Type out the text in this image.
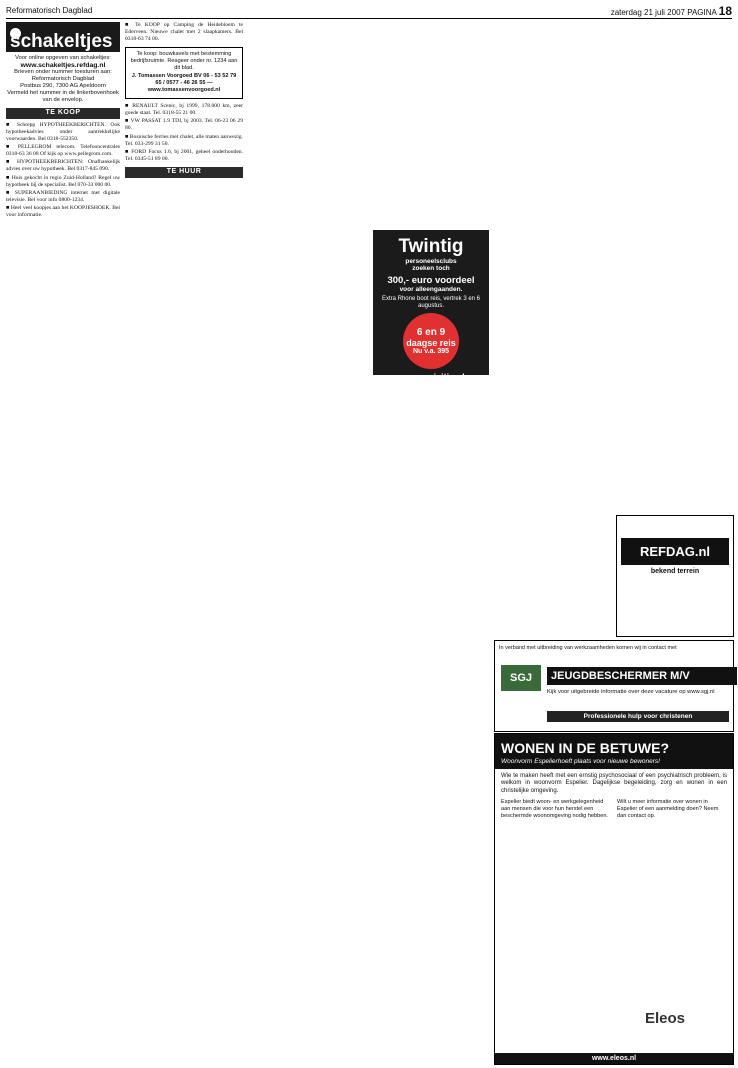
Reformatorisch Dagblad	zaterdag 21 juli 2007 PAGINA 18
schakeltjes
Voor online opgeven van schakeltjes:

www.schakeltjes.refdag.nl
Brieven onder nummer toesturen aan:
Reformatorisch Dagblad
Postbus 290, 7300 AG Apeldoorn
Vermeld het nummer in de linkerbovenhoek van de envelop.
TE KOOP

■ Schrepp HYPOTHEEKBERICHTEN. Ook hypotheekadvies onder aantrekkelijke voorwaarden. Bel 0318-552350.

■ PELLEGROM telecom. Telefooncentrales 0318-63 36 08 Of kijk op www.pellegrom.com.

■ HYPOTHEEKBERICHTEN: Onafhankelijk advies over uw hypotheek. Bel 0317-845 090.

■ Huis gekocht in regio Zuid-Holland? Regel uw hypotheek bij de specialist. Bel 070-33 000 00.

■ SUPERAANBIEDING internet met digitale televisie. Bel voor info 0800-1234.

■ Heel veel koopjes aan het KOOPJESHOEK. Bel voor informatie.

■ Te KOOP op Camping de Heidebloem te Ederveen. Nieuwe chalet met 2 slaapkamers. Bel 0318-63 74 00.

Te koop: bouwkavels met bestemming bedrijfsruimte. Reageer onder nr. 1234 aan dit blad.

J. Tomassen Voorgoed BV 06 - 53 52 79 65 / 0577 - 46 26 55 — www.tomassenvoorgoed.nl

■ RENAULT Scenic, bj 1999, 178.000 km, zeer goede staat. Tel. 0318-55 21 00.

■ VW PASSAT 1.9 TDI, bj 2003. Tel. 06-23 06 29 80.

■ Bosnische ferries met chalet, alle maten aanwezig. Tel. 033-299 31 50.

■ FORD Focus 1.6, bj 2001, geheel onderhouden. Tel. 0345-51 89 00.

TE HUUR
Twintig
personeelsclubs
zoeken toch
300,- euro voordeel
voor alleengaanden.
Extra Rhone boot reis, vertrek 3 en 6 augustus.
6 en 9
daagse reis
Nu v.a. 395
www.amicitia.nl
REFDAG.nl
bekend terrein
In verband met uitbreiding van werkzaamheden komen wij in contact met
SGJ	JEUGDBESCHERMER M/V
Kijk voor uitgebreide informatie over deze vacature op www.sgj.nl
Professionele hulp voor christenen
WONEN IN DE BETUWE?
Woonvorm Espelierhoeft plaats voor nieuwe bewoners!
Wie te maken heeft met een ernstig psychosociaal of een psychiatrisch probleem, is welkom in woonvorm Espelier. Dagelijkse begeleiding, zorg en wonen in een christelijke omgeving.
Espelier biedt woon- en werkgelegenheid aan mensen die voor hun herstel een beschermde woonomgeving nodig hebben.
Wilt u meer informatie over wonen in Espelier of een aanmelding doen? Neem dan contact op.
Eleos
www.eleos.nl
